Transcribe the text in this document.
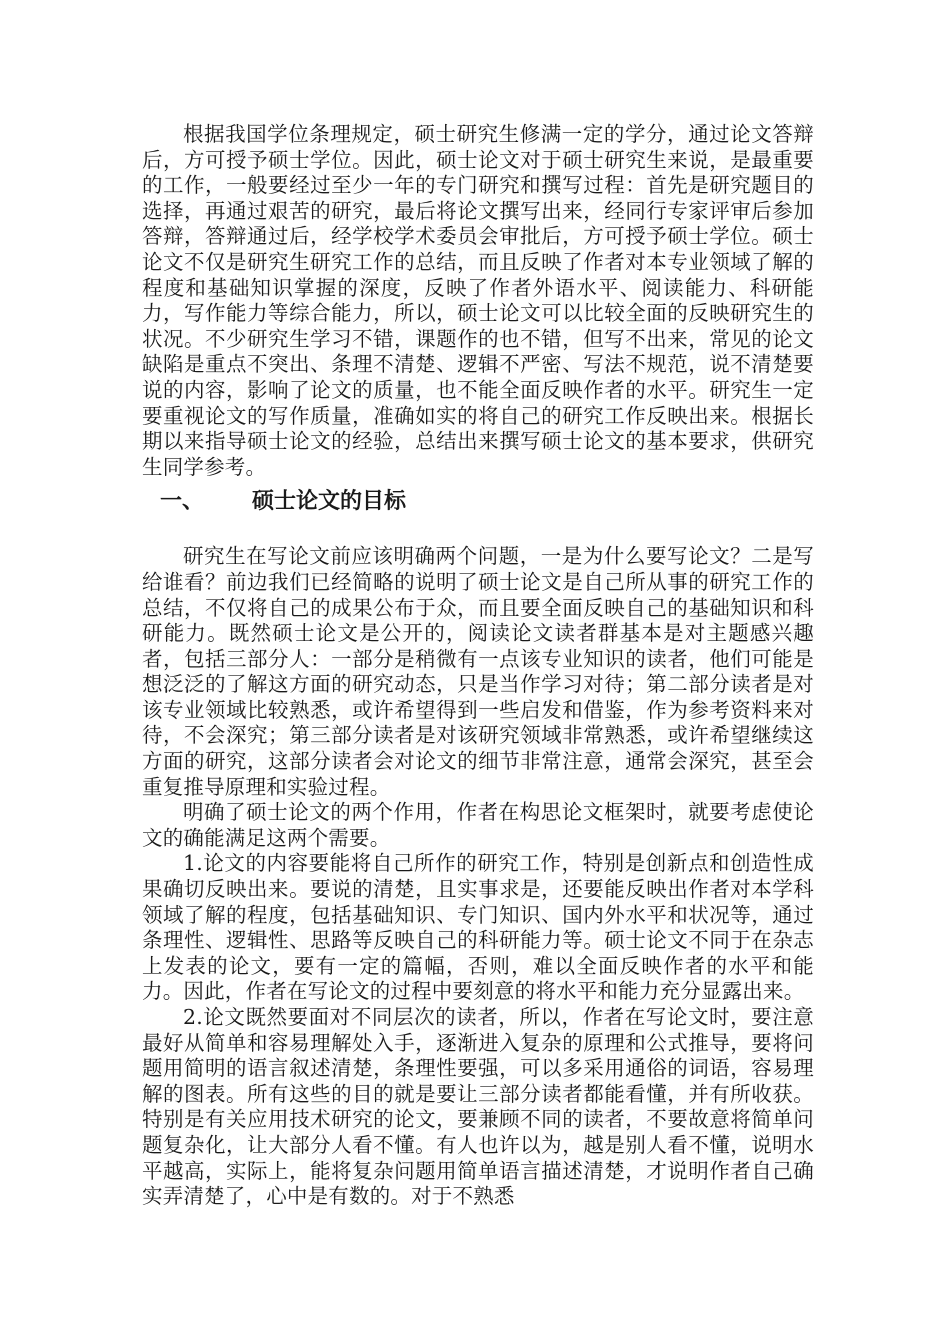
根据我国学位条理规定，硕士研究生修满一定的学分，通过论文答辩后，方可授予硕士学位。因此，硕士论文对于硕士研究生来说，是最重要的工作，一般要经过至少一年的专门研究和撰写过程：首先是研究题目的选择，再通过艰苦的研究，最后将论文撰写出来，经同行专家评审后参加答辩，答辩通过后，经学校学术委员会审批后，方可授予硕士学位。硕士论文不仅是研究生研究工作的总结，而且反映了作者对本专业领域了解的程度和基础知识掌握的深度，反映了作者外语水平、阅读能力、科研能力，写作能力等综合能力，所以，硕士论文可以比较全面的反映研究生的状况。不少研究生学习不错，课题作的也不错，但写不出来，常见的论文缺陷是重点不突出、条理不清楚、逻辑不严密、写法不规范，说不清楚要说的内容，影响了论文的质量，也不能全面反映作者的水平。研究生一定要重视论文的写作质量，准确如实的将自己的研究工作反映出来。根据长期以来指导硕士论文的经验，总结出来撰写硕士论文的基本要求，供研究生同学参考。

一、	硕士论文的目标

研究生在写论文前应该明确两个问题，一是为什么要写论文？二是写给谁看？前边我们已经简略的说明了硕士论文是自己所从事的研究工作的总结，不仅将自己的成果公布于众，而且要全面反映自己的基础知识和科研能力。既然硕士论文是公开的，阅读论文读者群基本是对主题感兴趣者，包括三部分人：一部分是稍微有一点该专业知识的读者，他们可能是想泛泛的了解这方面的研究动态，只是当作学习对待；第二部分读者是对该专业领域比较熟悉，或许希望得到一些启发和借鉴，作为参考资料来对待，不会深究；第三部分读者是对该研究领域非常熟悉，或许希望继续这方面的研究，这部分读者会对论文的细节非常注意，通常会深究，甚至会重复推导原理和实验过程。

明确了硕士论文的两个作用，作者在构思论文框架时，就要考虑使论文的确能满足这两个需要。

1.论文的内容要能将自己所作的研究工作，特别是创新点和创造性成果确切反映出来。要说的清楚，且实事求是，还要能反映出作者对本学科领域了解的程度，包括基础知识、专门知识、国内外水平和状况等，通过条理性、逻辑性、思路等反映自己的科研能力等。硕士论文不同于在杂志上发表的论文，要有一定的篇幅，否则，难以全面反映作者的水平和能力。因此，作者在写论文的过程中要刻意的将水平和能力充分显露出来。

2.论文既然要面对不同层次的读者，所以，作者在写论文时，要注意最好从简单和容易理解处入手，逐渐进入复杂的原理和公式推导，要将问题用简明的语言叙述清楚，条理性要强，可以多采用通俗的词语，容易理解的图表。所有这些的目的就是要让三部分读者都能看懂，并有所收获。特别是有关应用技术研究的论文，要兼顾不同的读者，不要故意将简单问题复杂化，让大部分人看不懂。有人也许以为，越是别人看不懂，说明水平越高，实际上，能将复杂问题用简单语言描述清楚，才说明作者自己确实弄清楚了，心中是有数的。对于不熟悉
